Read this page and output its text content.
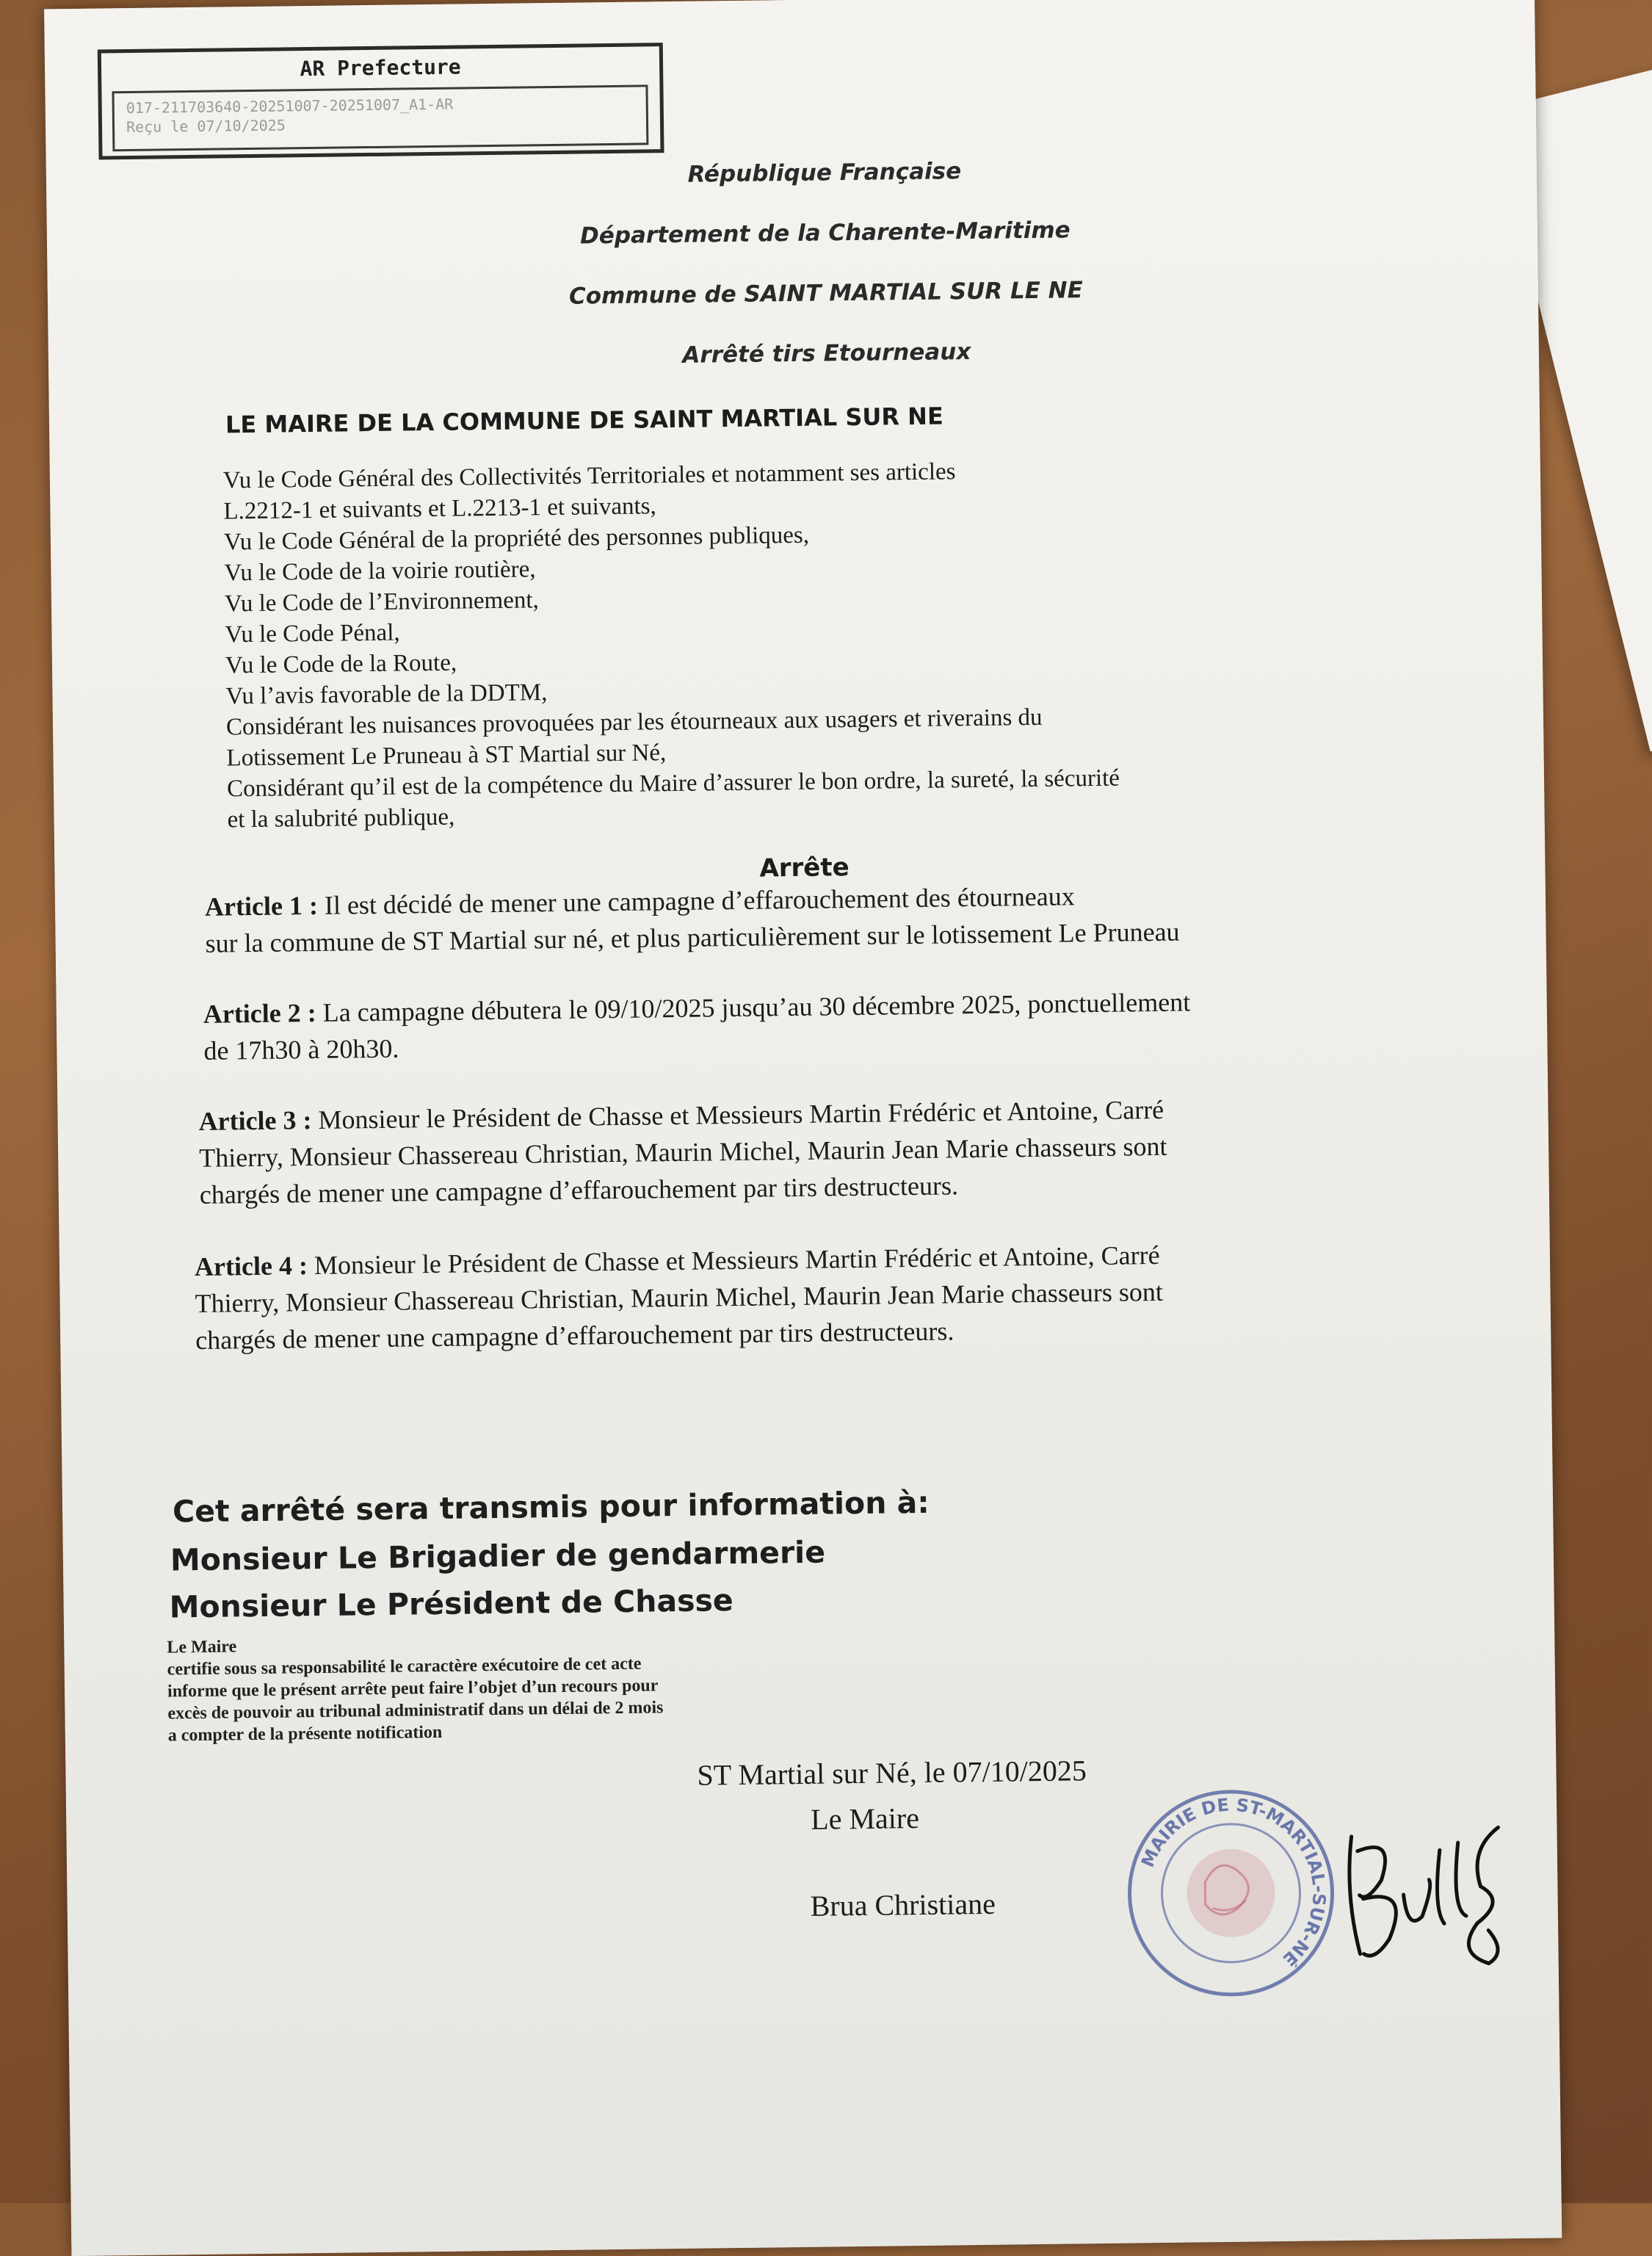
AR Prefecture
017-211703640-20251007-20251007_A1-AR
Reçu le 07/10/2025
République Française
Département de la Charente-Maritime
Commune de SAINT MARTIAL SUR LE NE
Arrêté tirs Etourneaux
LE MAIRE DE LA COMMUNE DE SAINT MARTIAL SUR NE
Vu le Code Général des Collectivités Territoriales et notamment ses articles
L.2212-1 et suivants et L.2213-1 et suivants,
Vu le Code Général de la propriété des personnes publiques,
Vu le Code de la voirie routière,
Vu le Code de l’Environnement,
Vu le Code Pénal,
Vu le Code de la Route,
Vu l’avis favorable de la DDTM,
Considérant les nuisances provoquées par les étourneaux aux usagers et riverains du
Lotissement Le Pruneau à ST Martial sur Né,
Considérant qu’il est de la compétence du Maire d’assurer le bon ordre, la sureté, la sécurité
et la salubrité publique,
Arrête
Article 1 : Il est décidé de mener une campagne d’effarouchement des étourneaux
sur la commune de ST Martial sur né, et plus particulièrement sur le lotissement Le Pruneau
Article 2 : La campagne débutera le 09/10/2025 jusqu’au 30 décembre 2025, ponctuellement
de 17h30 à 20h30.
Article 3 : Monsieur le Président de Chasse et Messieurs Martin Frédéric et Antoine, Carré
Thierry, Monsieur Chassereau Christian, Maurin Michel, Maurin Jean Marie chasseurs sont
chargés de mener une campagne d’effarouchement par tirs destructeurs.
Article 4 : Monsieur le Président de Chasse et Messieurs Martin Frédéric et Antoine, Carré
Thierry, Monsieur Chassereau Christian, Maurin Michel, Maurin Jean Marie chasseurs sont
chargés de mener une campagne d’effarouchement par tirs destructeurs.
Cet arrêté sera transmis pour information à:
Monsieur Le Brigadier de gendarmerie
Monsieur Le Président de Chasse
Le Maire
certifie sous sa responsabilité le caractère exécutoire de cet acte
informe que le présent arrête peut faire l’objet d’un recours pour
excès de pouvoir au tribunal administratif dans un délai de 2 mois
a compter de la présente notification
ST Martial sur Né, le 07/10/2025
Le Maire
Brua Christiane
MAIRIE DE ST-MARTIAL-SUR-NÉ
